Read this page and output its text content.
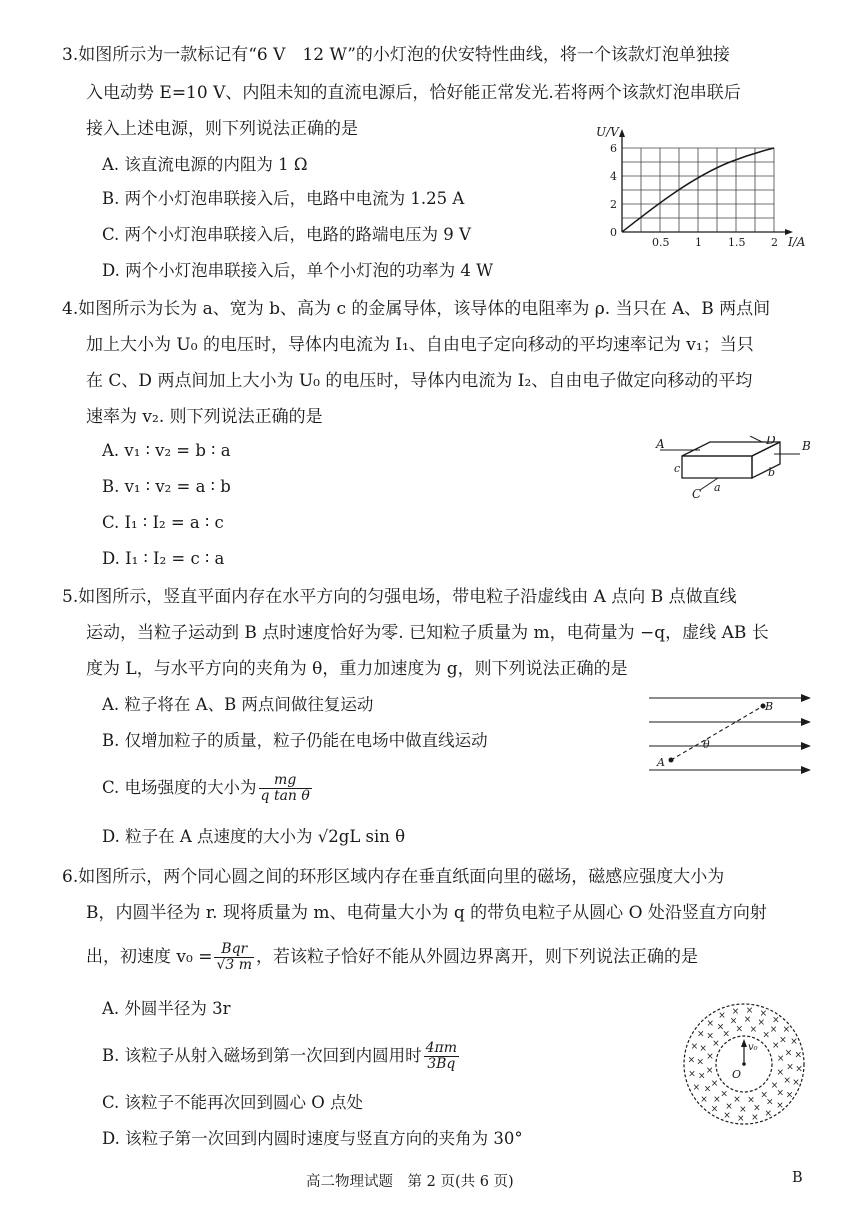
3.如图所示为一款标记有“6 V　12 W”的小灯泡的伏安特性曲线，将一个该款灯泡单独接
入电动势 E=10 V、内阻未知的直流电源后，恰好能正常发光.若将两个该款灯泡串联后
接入上述电源，则下列说法正确的是
A. 该直流电源的内阻为 1 Ω
B. 两个小灯泡串联接入后，电路中电流为 1.25 A
C. 两个小灯泡串联接入后，电路的路端电压为 9 V
D. 两个小灯泡串联接入后，单个小灯泡的功率为 4 W
U/V
I/A
0
2
4
6
0.5 1 1.5 2
4.如图所示为长为 a、宽为 b、高为 c 的金属导体，该导体的电阻率为 ρ. 当只在 A、B 两点间
加上大小为 U₀ 的电压时，导体内电流为 I₁、自由电子定向移动的平均速率记为 v₁；当只
在 C、D 两点间加上大小为 U₀ 的电压时，导体内电流为 I₂、自由电子做定向移动的平均
速率为 v₂. 则下列说法正确的是
A. v₁ ∶ v₂ = b ∶ a
B. v₁ ∶ v₂ = a ∶ b
C. I₁ ∶ I₂ = a ∶ c
D. I₁ ∶ I₂ = c ∶ a
A	B
C
D
a
b
c
5.如图所示，竖直平面内存在水平方向的匀强电场，带电粒子沿虚线由 A 点向 B 点做直线
运动，当粒子运动到 B 点时速度恰好为零. 已知粒子质量为 m，电荷量为 −q，虚线 AB 长
度为 L，与水平方向的夹角为 θ，重力加速度为 g，则下列说法正确的是
A. 粒子将在 A、B 两点间做往复运动
B. 仅增加粒子的质量，粒子仍能在电场中做直线运动
C. 电场强度的大小为 $\frac{mg}{\text{q tan θ}}$
D. 粒子在 A 点速度的大小为 √2gL sin θ
A
B
θ
6.如图所示，两个同心圆之间的环形区域内存在垂直纸面向里的磁场，磁感应强度大小为
B，内圆半径为 r. 现将质量为 m、电荷量大小为 q 的带负电粒子从圆心 O 处沿竖直方向射
出，初速度 $v_0 = \frac{\text{Bqr}}{√3 m}$ ，若该粒子恰好不能从外圆边界离开，则下列说法正确的是
A. 外圆半径为 3r
B. 该粒子从射入磁场到第一次回到内圆用时 $\frac{4\pi m}{3Bq}$
C. 该粒子不能再次回到圆心 O 点处
D. 该粒子第一次回到内圆时速度与竖直方向的夹角为 30°
×
×
×
×
×
×
× × ×
×
×
×
×
×
×
×
×
×
×
×
×
×
×
× × ×
×
×
×
×
×
×
×
×
×
×
×
×
×
×
×
×
× × × ×
×
×
×
×
×
×
×
×
×
×
×
×
×
×
v₀
O
高二物理试题　第 2 页(共 6 页)	B
